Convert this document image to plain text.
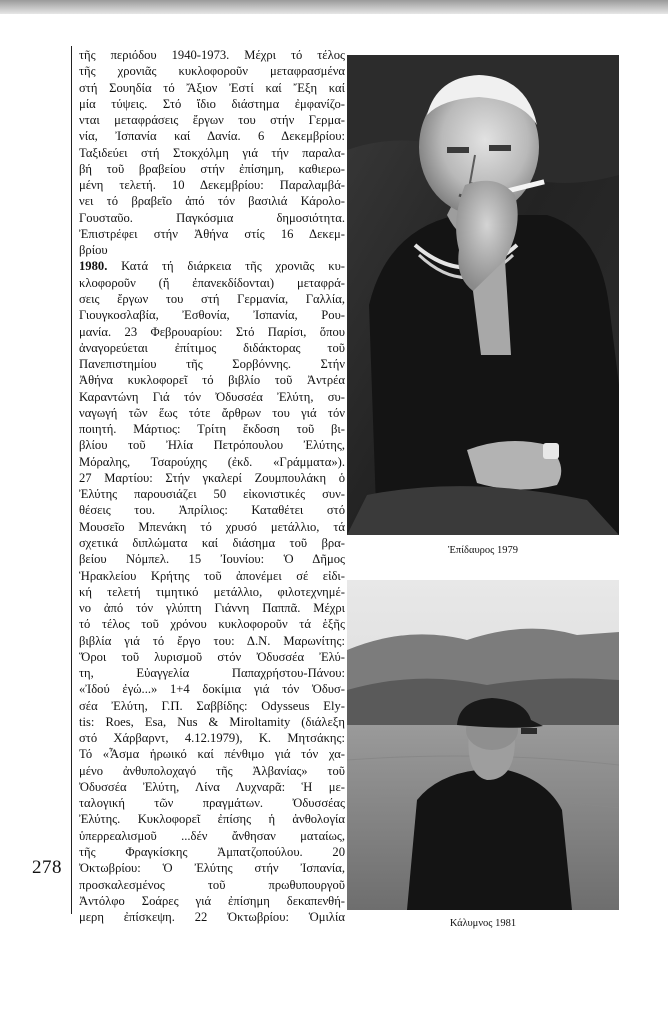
278

τῆς περιόδου 1940-1973. Μέχρι τό τέλος

τῆς χρονιᾶς κυκλοφοροῦν μεταφρασμένα

στή Σουηδία τό Ἄξιον Ἐστί καί Ἔξη καί

μία τύψεις. Στό ἴδιο διάστημα ἐμφανίζο-

νται μεταφράσεις ἔργων του στήν Γερμα-

νία, Ἰσπανία καί Δανία. 6 Δεκεμβρίου:

Ταξιδεύει στή Στοκχόλμη γιά τήν παραλα-

βή τοῦ βραβείου στήν ἐπίσημη, καθιερω-

μένη τελετή. 10 Δεκεμβρίου: Παραλαμβά-

νει τό βραβεῖο ἀπό τόν βασιλιά Κάρολο-

Γουσταῦο. Παγκόσμια δημοσιότητα.

Ἐπιστρέφει στήν Ἀθήνα στίς 16 Δεκεμ-

βρίου

1980. Κατά τή διάρκεια τῆς χρονιᾶς κυ-

κλοφοροῦν (ἤ ἐπανεκδίδονται) μεταφρά-

σεις ἔργων του στή Γερμανία, Γαλλία,

Γιουγκοσλαβία, Ἐσθονία, Ἰσπανία, Ρου-

μανία. 23 Φεβρουαρίου: Στό Παρίσι, ὅπου

ἀναγορεύεται ἐπίτιμος διδάκτορας τοῦ

Πανεπιστημίου τῆς Σορβόννης. Στήν

Ἀθήνα κυκλοφορεῖ τό βιβλίο τοῦ Ἀντρέα

Καραντώνη Γιά τόν Ὀδυσσέα Ἐλύτη, συ-

ναγωγή τῶν ἕως τότε ἄρθρων του γιά τόν

ποιητή. Μάρτιος: Τρίτη ἔκδοση τοῦ βι-

βλίου τοῦ Ἠλία Πετρόπουλου Ἐλύτης,

Μόραλης, Τσαρούχης (ἐκδ. «Γράμματα»).

27 Μαρτίου: Στήν γκαλερί Ζουμπουλάκη ὁ

Ἐλύτης παρουσιάζει 50 εἰκονιστικές συν-

θέσεις του. Ἀπρίλιος: Καταθέτει στό

Μουσεῖο Μπενάκη τό χρυσό μετάλλιο, τά

σχετικά διπλώματα καί διάσημα τοῦ βρα-

βείου Νόμπελ. 15 Ἰουνίου: Ὁ Δῆμος

Ἡρακλείου Κρήτης τοῦ ἀπονέμει σέ εἰδι-

κή τελετή τιμητικό μετάλλιο, φιλοτεχνημέ-

νο ἀπό τόν γλύπτη Γιάννη Παππᾶ. Μέχρι

τό τέλος τοῦ χρόνου κυκλοφοροῦν τά ἑξῆς

βιβλία γιά τό ἔργο του: Δ.Ν. Μαρωνίτης:

Ὅροι τοῦ λυρισμοῦ στόν Ὀδυσσέα Ἐλύ-

τη, Εὐαγγελία Παπαχρήστου-Πάνου:

«Ἰδού ἐγώ...» 1+4 δοκίμια γιά τόν Ὀδυσ-

σέα Ἐλύτη, Γ.Π. Σαββίδης: Odysseus Ely-

tis: Roes, Esa, Nus & Miroltamity (διάλεξη

στό Χάρβαρντ, 4.12.1979), Κ. Μητσάκης:

Τό «Ἆσμα ἡρωικό καί πένθιμο γιά τόν χα-

μένο ἀνθυπολοχαγό τῆς Ἀλβανίας» τοῦ

Ὀδυσσέα Ἐλύτη, Λίνα Λυχναρᾶ: Ἡ με-

ταλογική τῶν πραγμάτων. Ὀδυσσέας

Ἐλύτης. Κυκλοφορεῖ ἐπίσης ἡ ἀνθολογία

ὑπερρεαλισμοῦ ...δέν ἄνθησαν ματαίως,

τῆς Φραγκίσκης Ἀμπατζοπούλου. 20

Ὀκτωβρίου: Ὁ Ἐλύτης στήν Ἰσπανία,

προσκαλεσμένος τοῦ πρωθυπουργοῦ

Ἀντόλφο Σοάρες γιά ἐπίσημη δεκαπενθή-

μερη ἐπίσκεψη. 22 Ὀκτωβρίου: Ὁμιλία

Ἐπίδαυρος 1979
Κάλυμνος 1981
